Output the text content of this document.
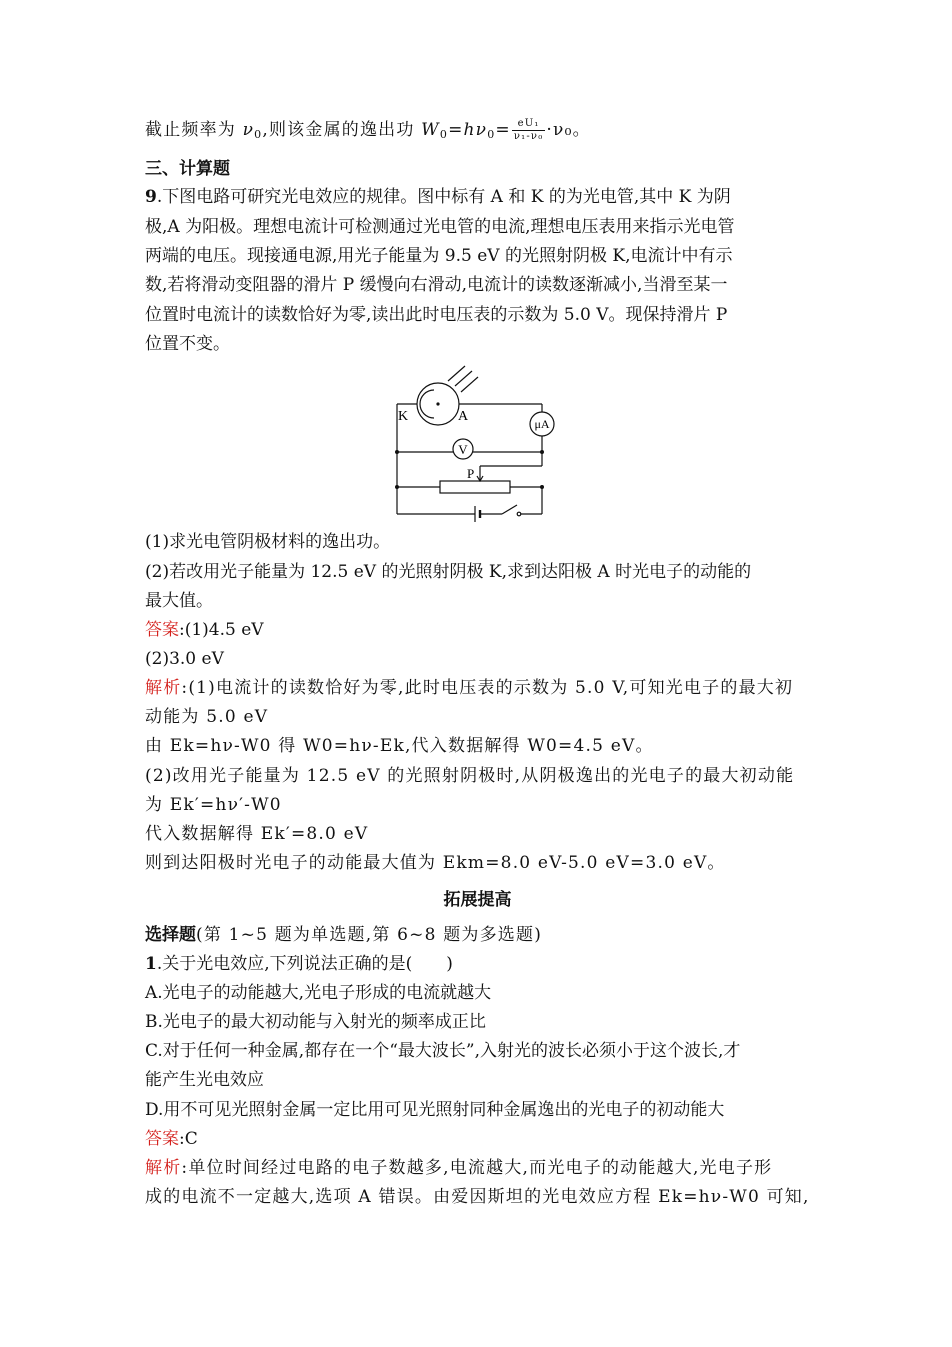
截止频率为 $\nu_0$,则该金属的逸出功 $W_0=h\nu_0= \frac{\text{eU₁}}{\text{ν₁-ν₀}} \cdot\nu_0$。
三、计算题
9.下图电路可研究光电效应的规律。图中标有 A 和 K 的为光电管,其中 K 为阴
极,A 为阳极。理想电流计可检测通过光电管的电流,理想电压表用来指示光电管
两端的电压。现接通电源,用光子能量为 9.5 eV 的光照射阴极 K,电流计中有示
数,若将滑动变阻器的滑片 P 缓慢向右滑动,电流计的读数逐渐减小,当滑至某一
位置时电流计的读数恰好为零,读出此时电压表的示数为 5.0 V。现保持滑片 P
位置不变。
K	A	μA
V
P
(1)求光电管阴极材料的逸出功。
(2)若改用光子能量为 12.5 eV 的光照射阴极 K,求到达阳极 A 时光电子的动能的
最大值。
答案:(1)4.5 eV
(2)3.0 eV
解析:(1)电流计的读数恰好为零,此时电压表的示数为 5.0 V,可知光电子的最大初
动能为 5.0 eV
由 Ek=hν-W0 得 W0=hν-Ek,代入数据解得 W0=4.5 eV。
(2)改用光子能量为 12.5 eV 的光照射阴极时,从阴极逸出的光电子的最大初动能
为 Ek′=hν′-W0
代入数据解得 Ek′=8.0 eV
则到达阳极时光电子的动能最大值为 Ekm=8.0 eV-5.0 eV=3.0 eV。
拓展提高
选择题(第 1~5 题为单选题,第 6~8 题为多选题)
1.关于光电效应,下列说法正确的是(　　)
A.光电子的动能越大,光电子形成的电流就越大
B.光电子的最大初动能与入射光的频率成正比
C.对于任何一种金属,都存在一个“最大波长”,入射光的波长必须小于这个波长,才
能产生光电效应
D.用不可见光照射金属一定比用可见光照射同种金属逸出的光电子的初动能大
答案:C
解析:单位时间经过电路的电子数越多,电流越大,而光电子的动能越大,光电子形
成的电流不一定越大,选项 A 错误。由爱因斯坦的光电效应方程 Ek=hν-W0 可知,
